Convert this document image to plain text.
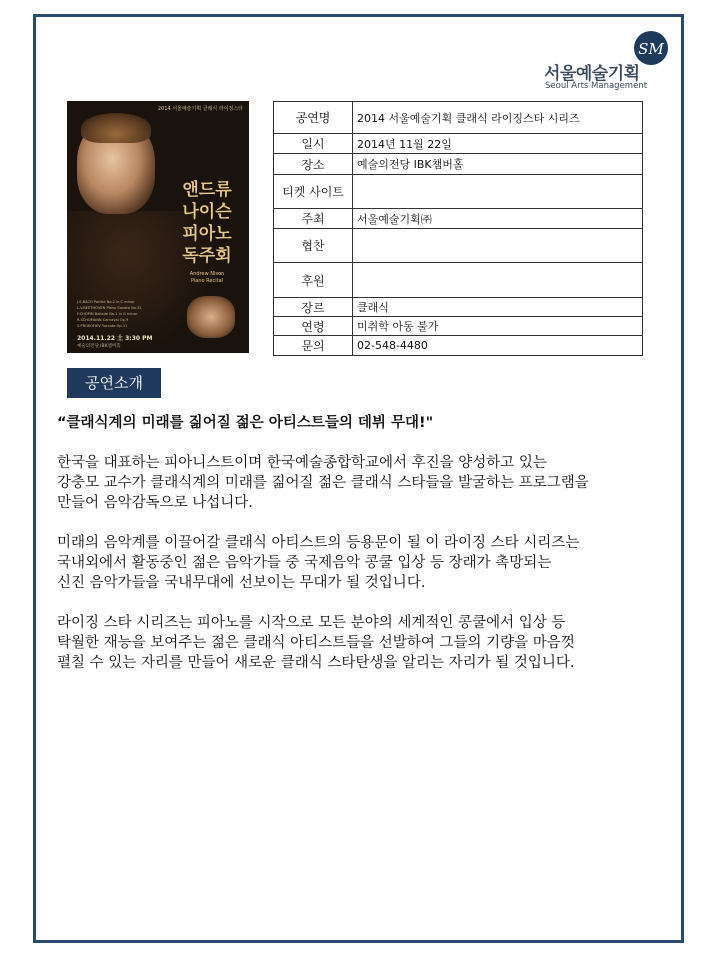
SM
서울예술기획
Seoul Arts Management
2014 서울예술기획 클래식 라이징스타
앤드류
나이슨
피아노
독주회
Andrew Nison
Piano Recital
J.S.BACH Partita No.2 in C minor
L.V.BEETHOVEN Piano Sonata No.31
F.CHOPIN Ballade No.1 in G minor
R.SCHUMANN Carnaval Op.9
S.PROKOFIEV Toccata Op.11
2014.11.22 土 3:30 PM
예술의전당 IBK챔버홀
공연명	2014 서울예술기획 클래식 라이징스타 시리즈
일시	2014년 11월 22일
장소	예술의전당 IBK챔버홀
티켓 사이트	
주최	서울예술기획㈜
협찬	
후원	
장르	클래식
연령	미취학 아동 불가
문의	02-548-4480
공연소개
“클래식계의 미래를 짊어질 젊은 아티스트들의 데뷔 무대!"

한국을 대표하는 피아니스트이며 한국예술종합학교에서 후진을 양성하고 있는
강충모 교수가 클래식계의 미래를 짊어질 젊은 클래식 스타들을 발굴하는 프로그램을
만들어 음악감독으로 나섭니다.

미래의 음악계를 이끌어갈 클래식 아티스트의 등용문이 될 이 라이징 스타 시리즈는
국내외에서 활동중인 젊은 음악가들 중 국제음악 콩쿨 입상 등 장래가 촉망되는
신진 음악가들을 국내무대에 선보이는 무대가 될 것입니다.

라이징 스타 시리즈는 피아노를 시작으로 모든 분야의 세계적인 콩쿨에서 입상 등
탁월한 재능을 보여주는 젊은 클래식 아티스트들을 선발하여 그들의 기량을 마음껏
펼칠 수 있는 자리를 만들어 새로운 클래식 스타탄생을 알리는 자리가 될 것입니다.
